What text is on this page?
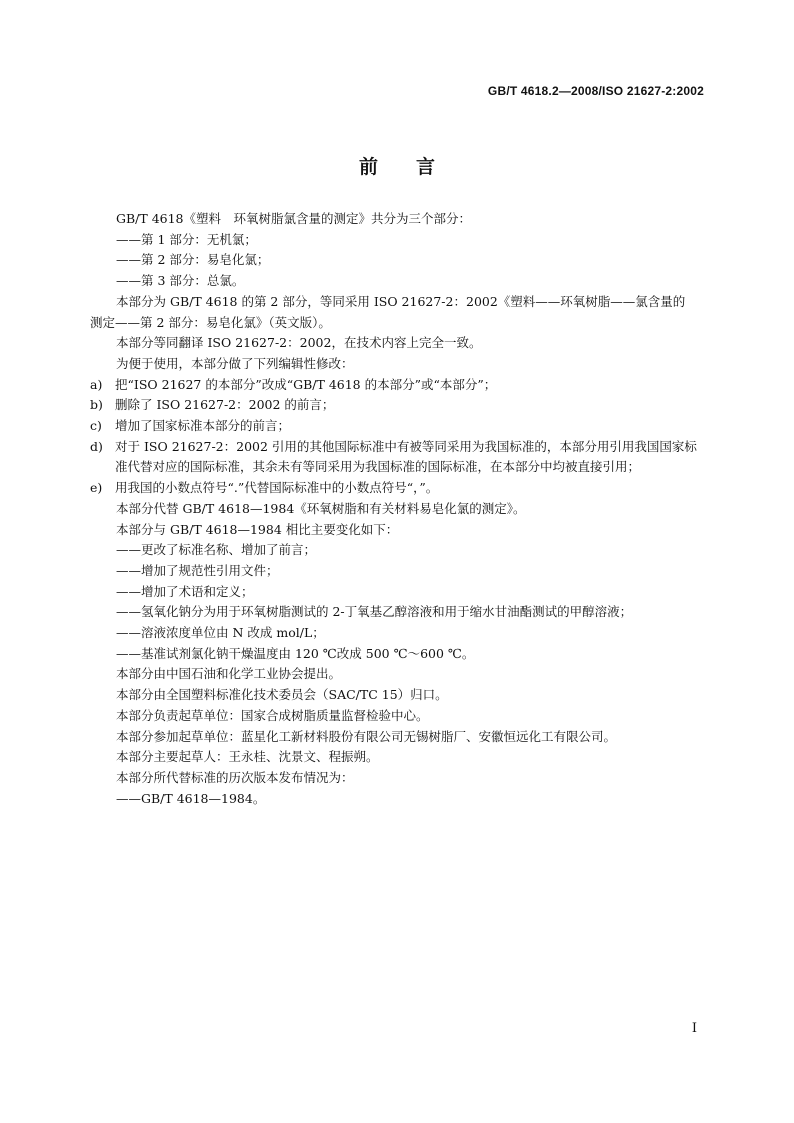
GB/T 4618.2—2008/ISO 21627-2:2002
前言
GB/T 4618《塑料　环氧树脂氯含量的测定》共分为三个部分：
——第 1 部分：无机氯；
——第 2 部分：易皂化氯；
——第 3 部分：总氯。
本部分为 GB/T 4618 的第 2 部分，等同采用 ISO 21627-2：2002《塑料——环氧树脂——氯含量的
测定——第 2 部分：易皂化氯》（英文版）。
本部分等同翻译 ISO 21627-2：2002，在技术内容上完全一致。
为便于使用，本部分做了下列编辑性修改：
a)	把“ISO 21627 的本部分”改成“GB/T 4618 的本部分”或“本部分”；
b) 删除了 ISO 21627-2：2002 的前言；
c)	增加了国家标准本部分的前言；
d) 对于 ISO 21627-2：2002 引用的其他国际标准中有被等同采用为我国标准的，本部分用引用我国国家标准代替对应的国际标准，其余未有等同采用为我国标准的国际标准，在本部分中均被直接引用；
e)	用我国的小数点符号“.”代替国际标准中的小数点符号“，”。
本部分代替 GB/T 4618—1984《环氧树脂和有关材料易皂化氯的测定》。
本部分与 GB/T 4618—1984 相比主要变化如下：
——更改了标准名称、增加了前言；
——增加了规范性引用文件；
——增加了术语和定义；
——氢氧化钠分为用于环氧树脂测试的 2-丁氧基乙醇溶液和用于缩水甘油酯测试的甲醇溶液；
——溶液浓度单位由 N 改成 mol/L；
——基准试剂氯化钠干燥温度由 120 ℃改成 500 ℃～600 ℃。
本部分由中国石油和化学工业协会提出。
本部分由全国塑料标准化技术委员会（SAC/TC 15）归口。
本部分负责起草单位：国家合成树脂质量监督检验中心。
本部分参加起草单位：蓝星化工新材料股份有限公司无锡树脂厂、安徽恒远化工有限公司。
本部分主要起草人：王永桂、沈景文、程振朔。
本部分所代替标准的历次版本发布情况为：
——GB/T 4618—1984。
I
